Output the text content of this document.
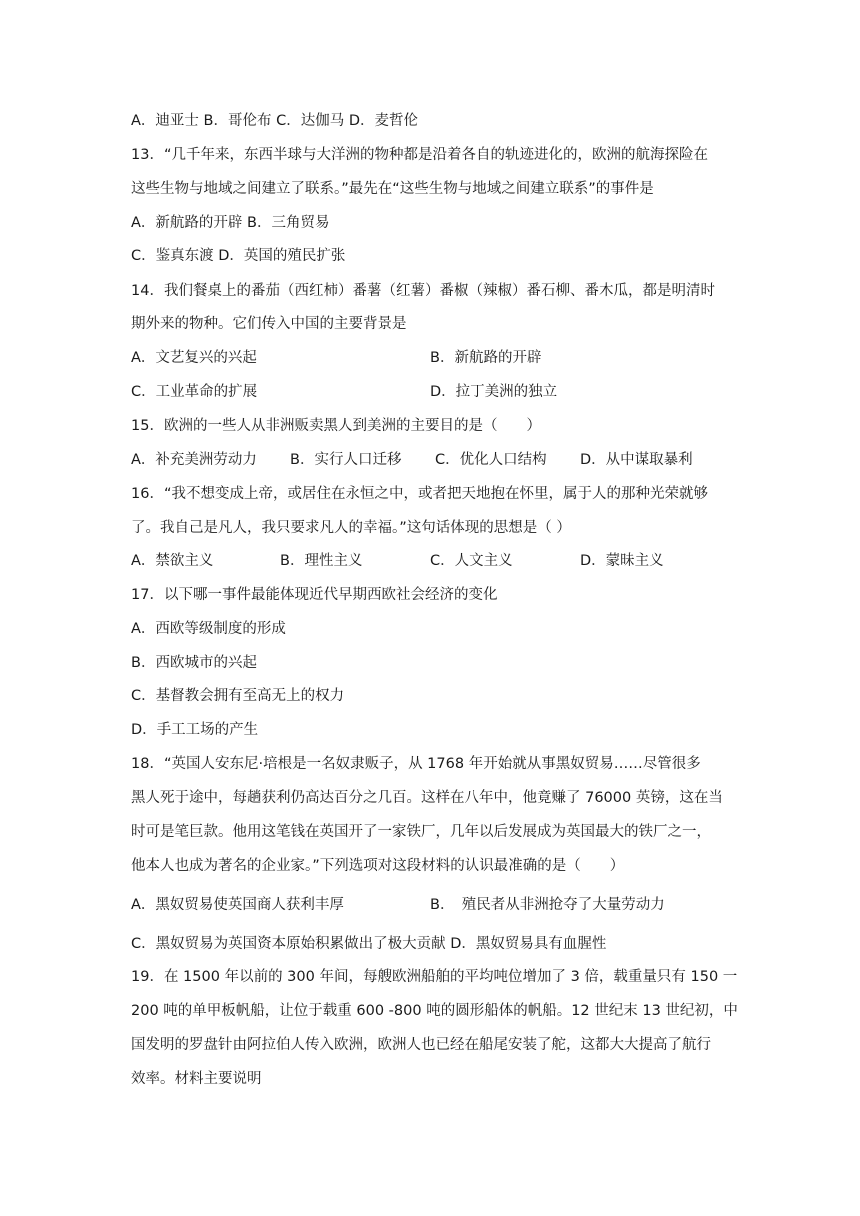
A．迪亚士 B．哥伦布 C．达伽马 D．麦哲伦
13．“几千年来，东西半球与大洋洲的物种都是沿着各自的轨迹进化的，欧洲的航海探险在
这些生物与地域之间建立了联系。”最先在“这些生物与地域之间建立联系”的事件是
A．新航路的开辟 B．三角贸易
C．鉴真东渡 D．英国的殖民扩张
14．我们餐桌上的番茄（西红柿）番薯（红薯）番椒（辣椒）番石柳、番木瓜，都是明清时
期外来的物种。它们传入中国的主要背景是
A．文艺复兴的兴起	B．新航路的开辟
C．工业革命的扩展	D．拉丁美洲的独立
15．欧洲的一些人从非洲贩卖黑人到美洲的主要目的是（　　）
A．补充美洲劳动力 B．实行人口迁移 C．优化人口结构 D．从中谋取暴利
16．“我不想变成上帝，或居住在永恒之中，或者把天地抱在怀里，属于人的那种光荣就够
了。我自己是凡人，我只要求凡人的幸福。”这句话体现的思想是（ ）
A．禁欲主义	B．理性主义	C．人文主义	D．蒙昧主义
17．以下哪一事件最能体现近代早期西欧社会经济的变化
A．西欧等级制度的形成
B．西欧城市的兴起
C．基督教会拥有至高无上的权力
D．手工工场的产生
18．“英国人安东尼·培根是一名奴隶贩子，从 1768 年开始就从事黑奴贸易……尽管很多
黑人死于途中，每趟获利仍高达百分之几百。这样在八年中，他竟赚了 76000 英镑，这在当
时可是笔巨款。他用这笔钱在英国开了一家铁厂，几年以后发展成为英国最大的铁厂之一，
他本人也成为著名的企业家。”下列选项对这段材料的认识最准确的是（　　）
A．黑奴贸易使英国商人获利丰厚	B．　殖民者从非洲抢夺了大量劳动力
C．黑奴贸易为英国资本原始积累做出了极大贡献 D．黑奴贸易具有血腥性
19．在 1500 年以前的 300 年间，每艘欧洲船舶的平均吨位增加了 3 倍，载重量只有 150 一
200 吨的单甲板帆船，让位于载重 600 -800 吨的圆形船体的帆船。12 世纪末 13 世纪初，中
国发明的罗盘针由阿拉伯人传入欧洲，欧洲人也已经在船尾安装了舵，这都大大提高了航行
效率。材料主要说明
